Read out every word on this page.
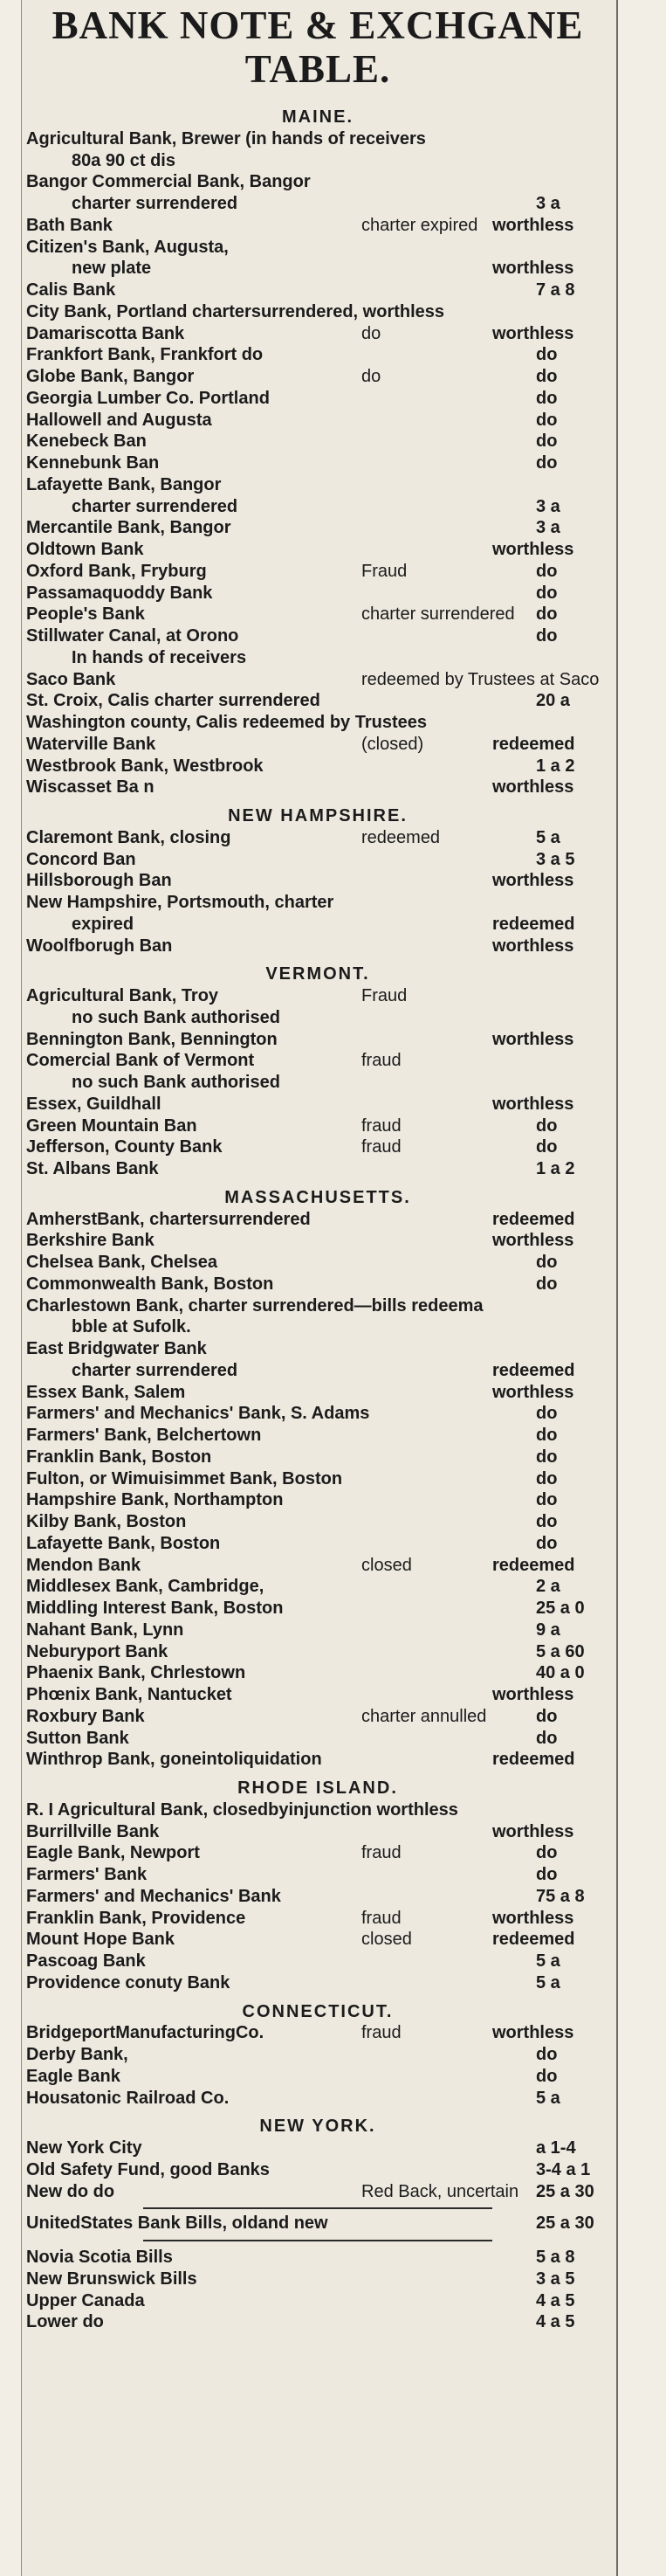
BANK NOTE & EXCHGANE
TABLE.
MAINE.
Agricultural Bank, Brewer (in hands of receivers
80a 90 ct dis
Bangor Commercial Bank, Bangor
charter surrendered	3 a
Bath Bank	charter expired worthless
Citizen's Bank, Augusta,
new plate	worthless
Calis Bank	7 a 8
City Bank, Portland chartersurrendered, worthless
Damariscotta Bank	do	worthless
Frankfort Bank, Frankfort do	do
Globe Bank, Bangor	do	do
Georgia Lumber Co. Portland	do
Hallowell and Augusta	do
Kenebeck Ban	do
Kennebunk Ban	do
Lafayette Bank, Bangor
charter surrendered	3 a
Mercantile Bank, Bangor	3 a
Oldtown Bank	worthless
Oxford Bank, Fryburg	Fraud	do
Passamaquoddy Bank	do
People's Bank	charter surrendered do
Stillwater Canal, at Orono	do
In hands of receivers
Saco Bank	redeemed by Trustees at Saco
St. Croix, Calis charter surrendered	20 a
Washington county, Calis redeemed by Trustees
Waterville Bank	(closed)	redeemed
Westbrook Bank, Westbrook	1 a 2
Wiscasset Ba n	worthless
NEW HAMPSHIRE.
Claremont Bank, closing	redeemed	5 a
Concord Ban	3 a 5
Hillsborough Ban	worthless
New Hampshire, Portsmouth, charter
expired	redeemed
Woolfborugh Ban	worthless
VERMONT.
Agricultural Bank, Troy	Fraud
no such Bank authorised
Bennington Bank, Bennington	worthless
Comercial Bank of Vermont	fraud
no such Bank authorised
Essex, Guildhall	worthless
Green Mountain Ban	fraud	do
Jefferson, County Bank	fraud	do
St. Albans Bank	1 a 2
MASSACHUSETTS.
AmherstBank, chartersurrendered	redeemed
Berkshire Bank	worthless
Chelsea Bank, Chelsea	do
Commonwealth Bank, Boston	do
Charlestown Bank, charter surrendered—bills redeema
bble at Sufolk.
East Bridgwater Bank
charter surrendered	redeemed
Essex Bank, Salem	worthless
Farmers' and Mechanics' Bank, S. Adams	do
Farmers' Bank, Belchertown	do
Franklin Bank, Boston	do
Fulton, or Wimuisimmet Bank, Boston	do
Hampshire Bank, Northampton	do
Kilby Bank, Boston	do
Lafayette Bank, Boston	do
Mendon Bank	closed	redeemed
Middlesex Bank, Cambridge,	2 a
Middling Interest Bank, Boston	25 a 0
Nahant Bank, Lynn	9 a
Neburyport Bank	5 a 60
Phaenix Bank, Chrlestown	40 a 0
Phœnix Bank, Nantucket	worthless
Roxbury Bank	charter annulled	do
Sutton Bank	do
Winthrop Bank, goneintoliquidation	redeemed
RHODE ISLAND.
R. I Agricultural Bank, closedbyinjunction worthless
Burrillville Bank	worthless
Eagle Bank, Newport	fraud	do
Farmers' Bank	do
Farmers' and Mechanics' Bank	75 a 8
Franklin Bank, Providence	fraud	worthless
Mount Hope Bank	closed	redeemed
Pascoag Bank	5 a
Providence conuty Bank	5 a
CONNECTICUT.
BridgeportManufacturingCo.	fraud	worthless
Derby Bank,	do
Eagle Bank	do
Housatonic Railroad Co.	5 a
NEW YORK.
New York City	a 1-4
Old Safety Fund, good Banks	3-4 a 1
New do do	Red Back, uncertain 25 a 30
UnitedStates Bank Bills, oldand new	25 a 30
Novia Scotia Bills	5 a 8
New Brunswick Bills	3 a 5
Upper Canada	4 a 5
Lower do	4 a 5
